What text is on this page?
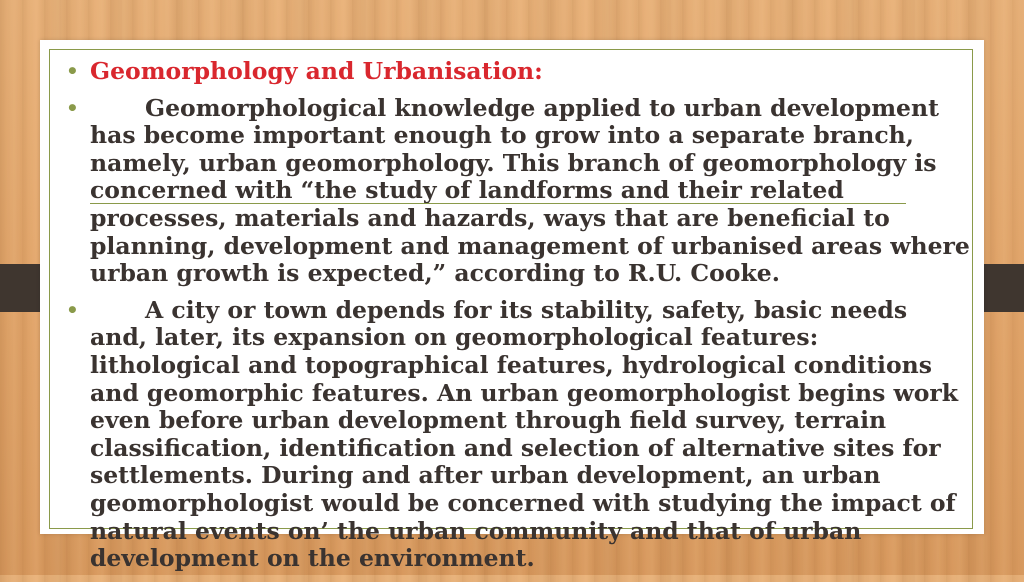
• Geomorphology and Urbanisation:
•	Geomorphological knowledge applied to urban development has become important enough to grow into a separate branch, namely, urban geomorphology. This branch of geomorphology is concerned with “the study of landforms and their related processes, materials and hazards, ways that are beneficial to planning, development and management of urbanised areas where urban growth is expected,” according to R.U. Cooke.
•	A city or town depends for its stability, safety, basic needs and, later, its expansion on geomorphological features: lithological and topographical features, hydrological conditions and geomorphic features. An urban geomorphologist begins work even before urban development through field survey, terrain classification, identification and selection of alternative sites for settlements. During and after urban development, an urban geomorphologist would be concerned with studying the impact of natural events on’ the urban community and that of urban development on the environment.
